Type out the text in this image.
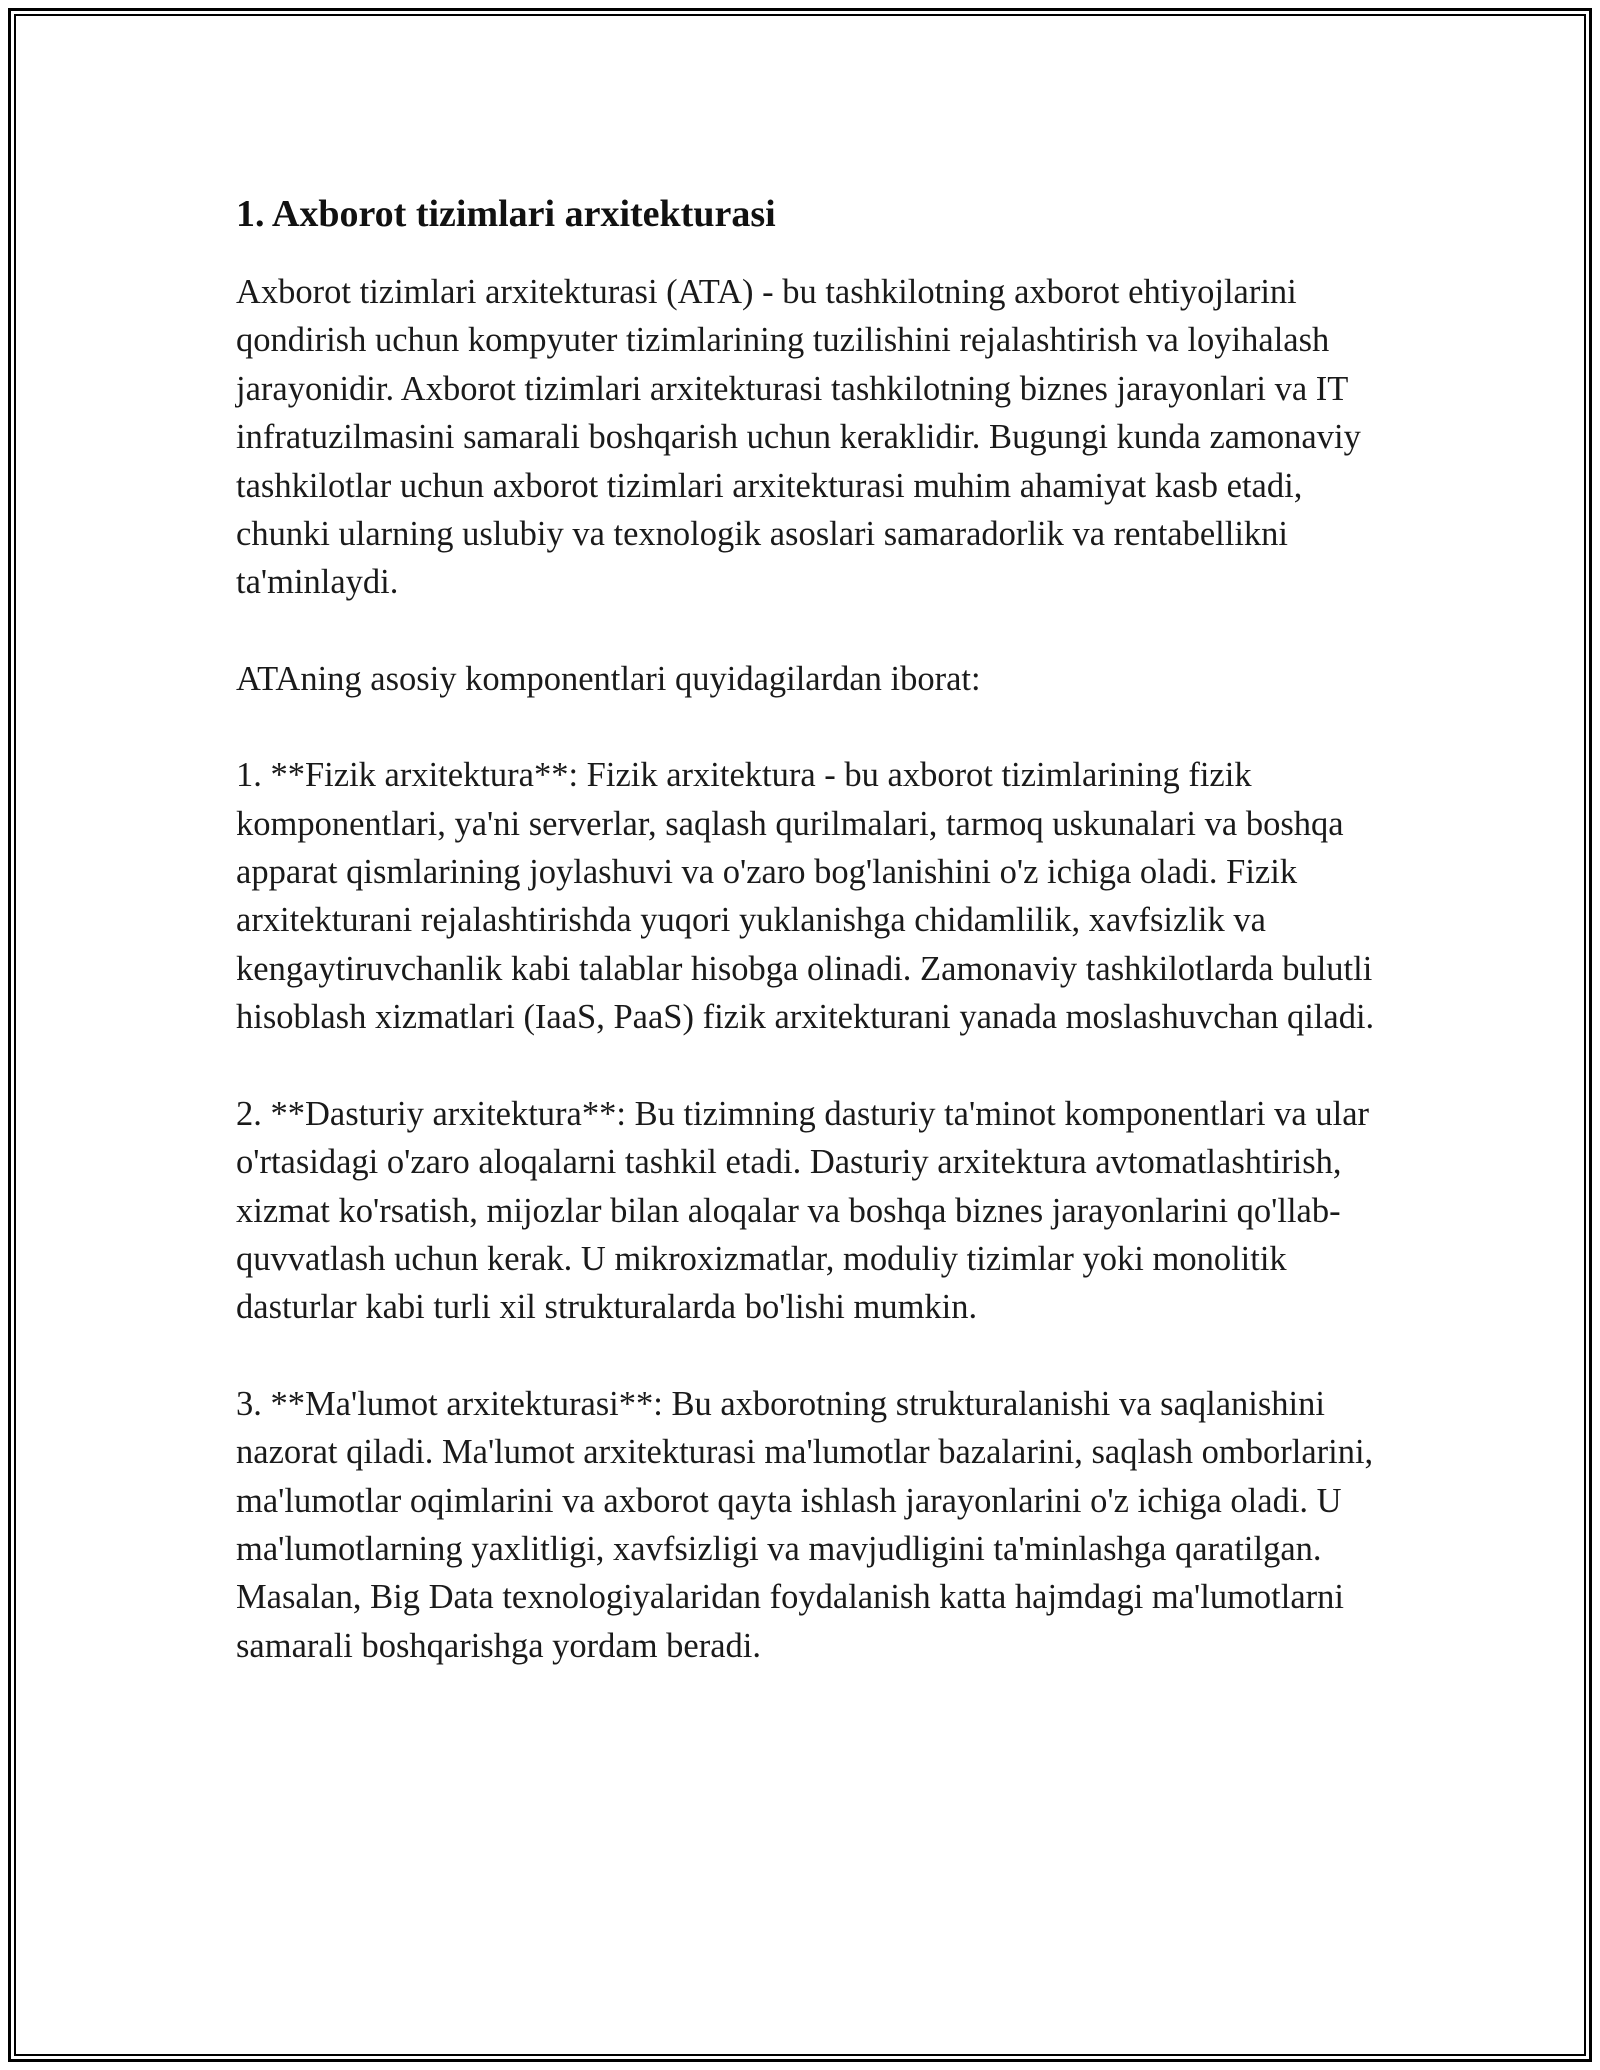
1. Axborot tizimlari arxitekturasi

Axborot tizimlari arxitekturasi (ATA) - bu tashkilotning axborot ehtiyojlarini qondirish uchun kompyuter tizimlarining tuzilishini rejalashtirish va loyihalash jarayonidir. Axborot tizimlari arxitekturasi tashkilotning biznes jarayonlari va IT infratuzilmasini samarali boshqarish uchun keraklidir. Bugungi kunda zamonaviy tashkilotlar uchun axborot tizimlari arxitekturasi muhim ahamiyat kasb etadi, chunki ularning uslubiy va texnologik asoslari samaradorlik va rentabellikni ta'minlaydi.

ATAning asosiy komponentlari quyidagilardan iborat:

1. **Fizik arxitektura**: Fizik arxitektura - bu axborot tizimlarining fizik komponentlari, ya'ni serverlar, saqlash qurilmalari, tarmoq uskunalari va boshqa apparat qismlarining joylashuvi va o'zaro bog'lanishini o'z ichiga oladi. Fizik arxitekturani rejalashtirishda yuqori yuklanishga chidamlilik, xavfsizlik va kengaytiruvchanlik kabi talablar hisobga olinadi. Zamonaviy tashkilotlarda bulutli hisoblash xizmatlari (IaaS, PaaS) fizik arxitekturani yanada moslashuvchan qiladi.

2. **Dasturiy arxitektura**: Bu tizimning dasturiy ta'minot komponentlari va ular o'rtasidagi o'zaro aloqalarni tashkil etadi. Dasturiy arxitektura avtomatlashtirish, xizmat ko'rsatish, mijozlar bilan aloqalar va boshqa biznes jarayonlarini qo'llab-quvvatlash uchun kerak. U mikroxizmatlar, moduliy tizimlar yoki monolitik dasturlar kabi turli xil strukturalarda bo'lishi mumkin.

3. **Ma'lumot arxitekturasi**: Bu axborotning strukturalanishi va saqlanishini nazorat qiladi. Ma'lumot arxitekturasi ma'lumotlar bazalarini, saqlash omborlarini, ma'lumotlar oqimlarini va axborot qayta ishlash jarayonlarini o'z ichiga oladi. U ma'lumotlarning yaxlitligi, xavfsizligi va mavjudligini ta'minlashga qaratilgan. Masalan, Big Data texnologiyalaridan foydalanish katta hajmdagi ma'lumotlarni samarali boshqarishga yordam beradi.
